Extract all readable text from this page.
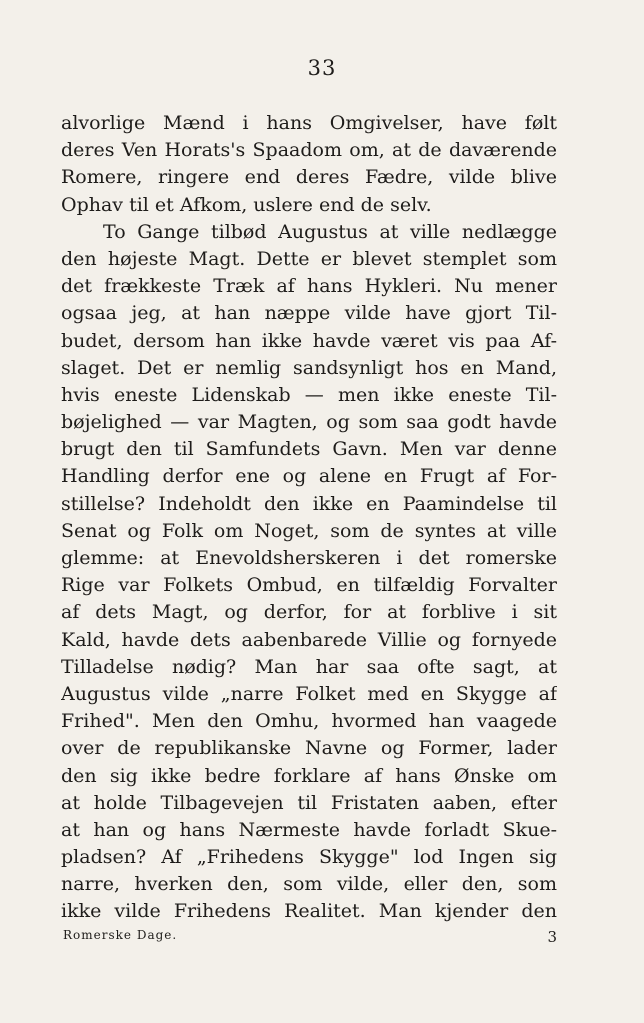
33
alvorlige Mænd i hans Omgivelser, have følt
deres Ven Horats's Spaadom om, at de daværende
Romere, ringere end deres Fædre, vilde blive
Ophav til et Afkom, uslere end de selv.
To Gange tilbød Augustus at ville nedlægge
den højeste Magt. Dette er blevet stemplet som
det frækkeste Træk af hans Hykleri. Nu mener
ogsaa jeg, at han næppe vilde have gjort Til-
budet, dersom han ikke havde været vis paa Af-
slaget. Det er nemlig sandsynligt hos en Mand,
hvis eneste Lidenskab — men ikke eneste Til-
bøjelighed — var Magten, og som saa godt havde
brugt den til Samfundets Gavn. Men var denne
Handling derfor ene og alene en Frugt af For-
stillelse? Indeholdt den ikke en Paamindelse til
Senat og Folk om Noget, som de syntes at ville
glemme: at Enevoldsherskeren i det romerske
Rige var Folkets Ombud, en tilfældig Forvalter
af dets Magt, og derfor, for at forblive i sit
Kald, havde dets aabenbarede Villie og fornyede
Tilladelse nødig? Man har saa ofte sagt, at
Augustus vilde „narre Folket med en Skygge af
Frihed". Men den Omhu, hvormed han vaagede
over de republikanske Navne og Former, lader
den sig ikke bedre forklare af hans Ønske om
at holde Tilbagevejen til Fristaten aaben, efter
at han og hans Nærmeste havde forladt Skue-
pladsen? Af „Frihedens Skygge" lod Ingen sig
narre, hverken den, som vilde, eller den, som
ikke vilde Frihedens Realitet. Man kjender den
Romerske Dage.	3
